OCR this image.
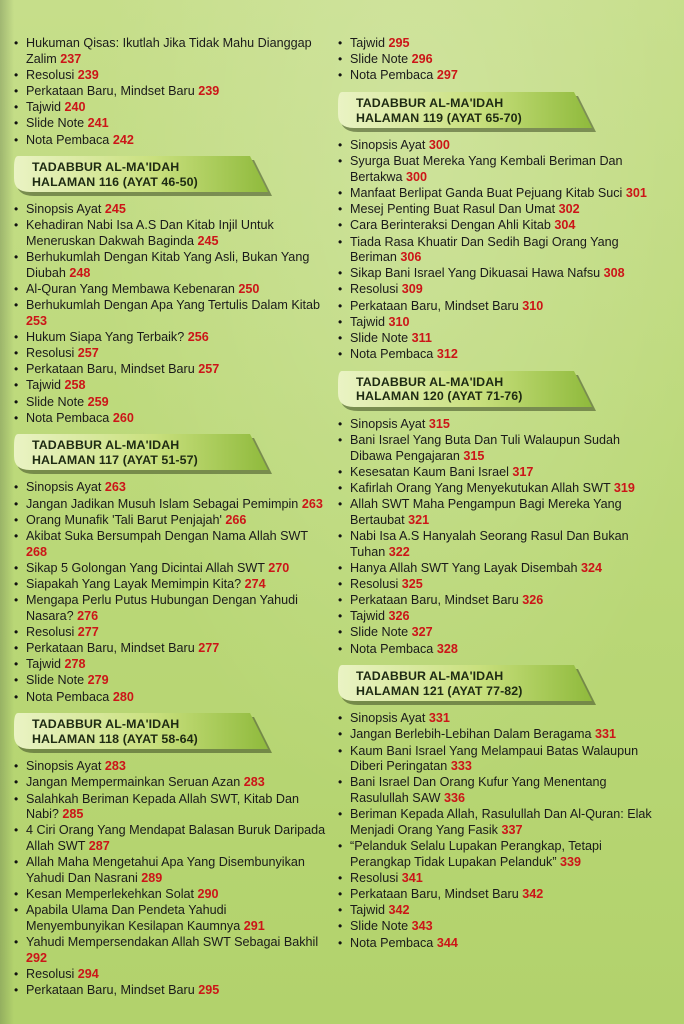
• Hukuman Qisas: Ikutlah Jika Tidak Mahu Dianggap Zalim 237
• Resolusi 239
• Perkataan Baru, Mindset Baru 239
• Tajwid 240
• Slide Note 241
• Nota Pembaca 242
TADABBUR AL-MA'IDAH
HALAMAN 116 (AYAT 46-50)
• Sinopsis Ayat 245
• Kehadiran Nabi Isa A.S Dan Kitab Injil Untuk Meneruskan Dakwah Baginda 245
• Berhukumlah Dengan Kitab Yang Asli, Bukan Yang Diubah 248
• Al-Quran Yang Membawa Kebenaran 250
• Berhukumlah Dengan Apa Yang Tertulis Dalam Kitab 253
• Hukum Siapa Yang Terbaik? 256
• Resolusi 257
• Perkataan Baru, Mindset Baru 257
• Tajwid 258
• Slide Note 259
• Nota Pembaca 260
TADABBUR AL-MA'IDAH
HALAMAN 117 (AYAT 51-57)
• Sinopsis Ayat 263
• Jangan Jadikan Musuh Islam Sebagai Pemimpin 263
• Orang Munafik 'Tali Barut Penjajah' 266
• Akibat Suka Bersumpah Dengan Nama Allah SWT 268
• Sikap 5 Golongan Yang Dicintai Allah SWT 270
• Siapakah Yang Layak Memimpin Kita? 274
• Mengapa Perlu Putus Hubungan Dengan Yahudi Nasara? 276
• Resolusi 277
• Perkataan Baru, Mindset Baru 277
• Tajwid 278
• Slide Note 279
• Nota Pembaca 280
TADABBUR AL-MA'IDAH
HALAMAN 118 (AYAT 58-64)
• Sinopsis Ayat 283
• Jangan Mempermainkan Seruan Azan 283
• Salahkah Beriman Kepada Allah SWT, Kitab Dan Nabi? 285
• 4 Ciri Orang Yang Mendapat Balasan Buruk Daripada Allah SWT 287
• Allah Maha Mengetahui Apa Yang Disembunyikan Yahudi Dan Nasrani 289
• Kesan Memperlekehkan Solat 290
• Apabila Ulama Dan Pendeta Yahudi Menyembunyikan Kesilapan Kaumnya 291
• Yahudi Mempersendakan Allah SWT Sebagai Bakhil 292
• Resolusi 294
• Perkataan Baru, Mindset Baru 295
• Tajwid 295
• Slide Note 296
• Nota Pembaca 297
TADABBUR AL-MA'IDAH
HALAMAN 119 (AYAT 65-70)
• Sinopsis Ayat 300
• Syurga Buat Mereka Yang Kembali Beriman Dan Bertakwa 300
• Manfaat Berlipat Ganda Buat Pejuang Kitab Suci 301
• Mesej Penting Buat Rasul Dan Umat 302
• Cara Berinteraksi Dengan Ahli Kitab 304
• Tiada Rasa Khuatir Dan Sedih Bagi Orang Yang Beriman 306
• Sikap Bani Israel Yang Dikuasai Hawa Nafsu 308
• Resolusi 309
• Perkataan Baru, Mindset Baru 310
• Tajwid 310
• Slide Note 311
• Nota Pembaca 312
TADABBUR AL-MA'IDAH
HALAMAN 120 (AYAT 71-76)
• Sinopsis Ayat 315
• Bani Israel Yang Buta Dan Tuli Walaupun Sudah Dibawa Pengajaran 315
• Kesesatan Kaum Bani Israel 317
• Kafirlah Orang Yang Menyekutukan Allah SWT 319
• Allah SWT Maha Pengampun Bagi Mereka Yang Bertaubat 321
• Nabi Isa A.S Hanyalah Seorang Rasul Dan Bukan Tuhan 322
• Hanya Allah SWT Yang Layak Disembah 324
• Resolusi 325
• Perkataan Baru, Mindset Baru 326
• Tajwid 326
• Slide Note 327
• Nota Pembaca 328
TADABBUR AL-MA'IDAH
HALAMAN 121 (AYAT 77-82)
• Sinopsis Ayat 331
• Jangan Berlebih-Lebihan Dalam Beragama 331
• Kaum Bani Israel Yang Melampaui Batas Walaupun Diberi Peringatan 333
• Bani Israel Dan Orang Kufur Yang Menentang Rasulullah SAW 336
• Beriman Kepada Allah, Rasulullah Dan Al-Quran: Elak Menjadi Orang Yang Fasik 337
• “Pelanduk Selalu Lupakan Perangkap, Tetapi Perangkap Tidak Lupakan Pelanduk” 339
• Resolusi 341
• Perkataan Baru, Mindset Baru 342
• Tajwid 342
• Slide Note 343
• Nota Pembaca 344
